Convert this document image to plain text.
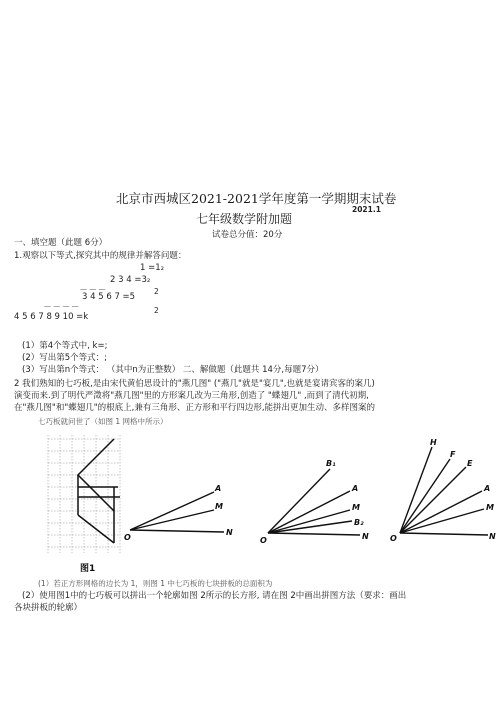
北京市西城区2021-2021学年度第一学期期末试卷
2021.1
七年级数学附加题
试卷总分值：20分
一、填空题（此题 6分）
1.观察以下等式,探究其中的规律并解答问题：
1 =1₂
2 3 4 =3₂
— — —
3 4 5 6 7 =5
2
— — — —	2
4 5 6 7 8 9 10 =k
(1）第4个等式中, k=;
(2）写出第5个等式：;
(3）写出第n个等式： （其中n为正整数） 二、解做题（此题共 14分,每题7分）
2 我们熟知的七巧板,是由宋代黄伯思设计的"燕几图" ("燕几"就是"宴几",也就是宴请宾客的案几)
演变而来.到了明代严澂将"燕几图"里的方形案几改为三角形,创造了 "蝶翅几" ,而到了清代初期,
在"燕几图"和"蝶翅几"的根底上,兼有三角形、正方形和平行四边形,能拼出更加生动、多样图案的
七巧板就问世了（如图 1 网格中所示）
图1
A
M
N
O
B₁
A
M
B₂
N
O
H
F
E
A
M
N
O
(1）若正方形网格的边长为 1，则图 1 中七巧板的七块拼板的总面积为
(2）使用图1中的七巧板可以拼出一个轮廓如图 2所示的长方形, 请在图 2中画出拼图方法（要求：画出
各块拼板的轮廓）
